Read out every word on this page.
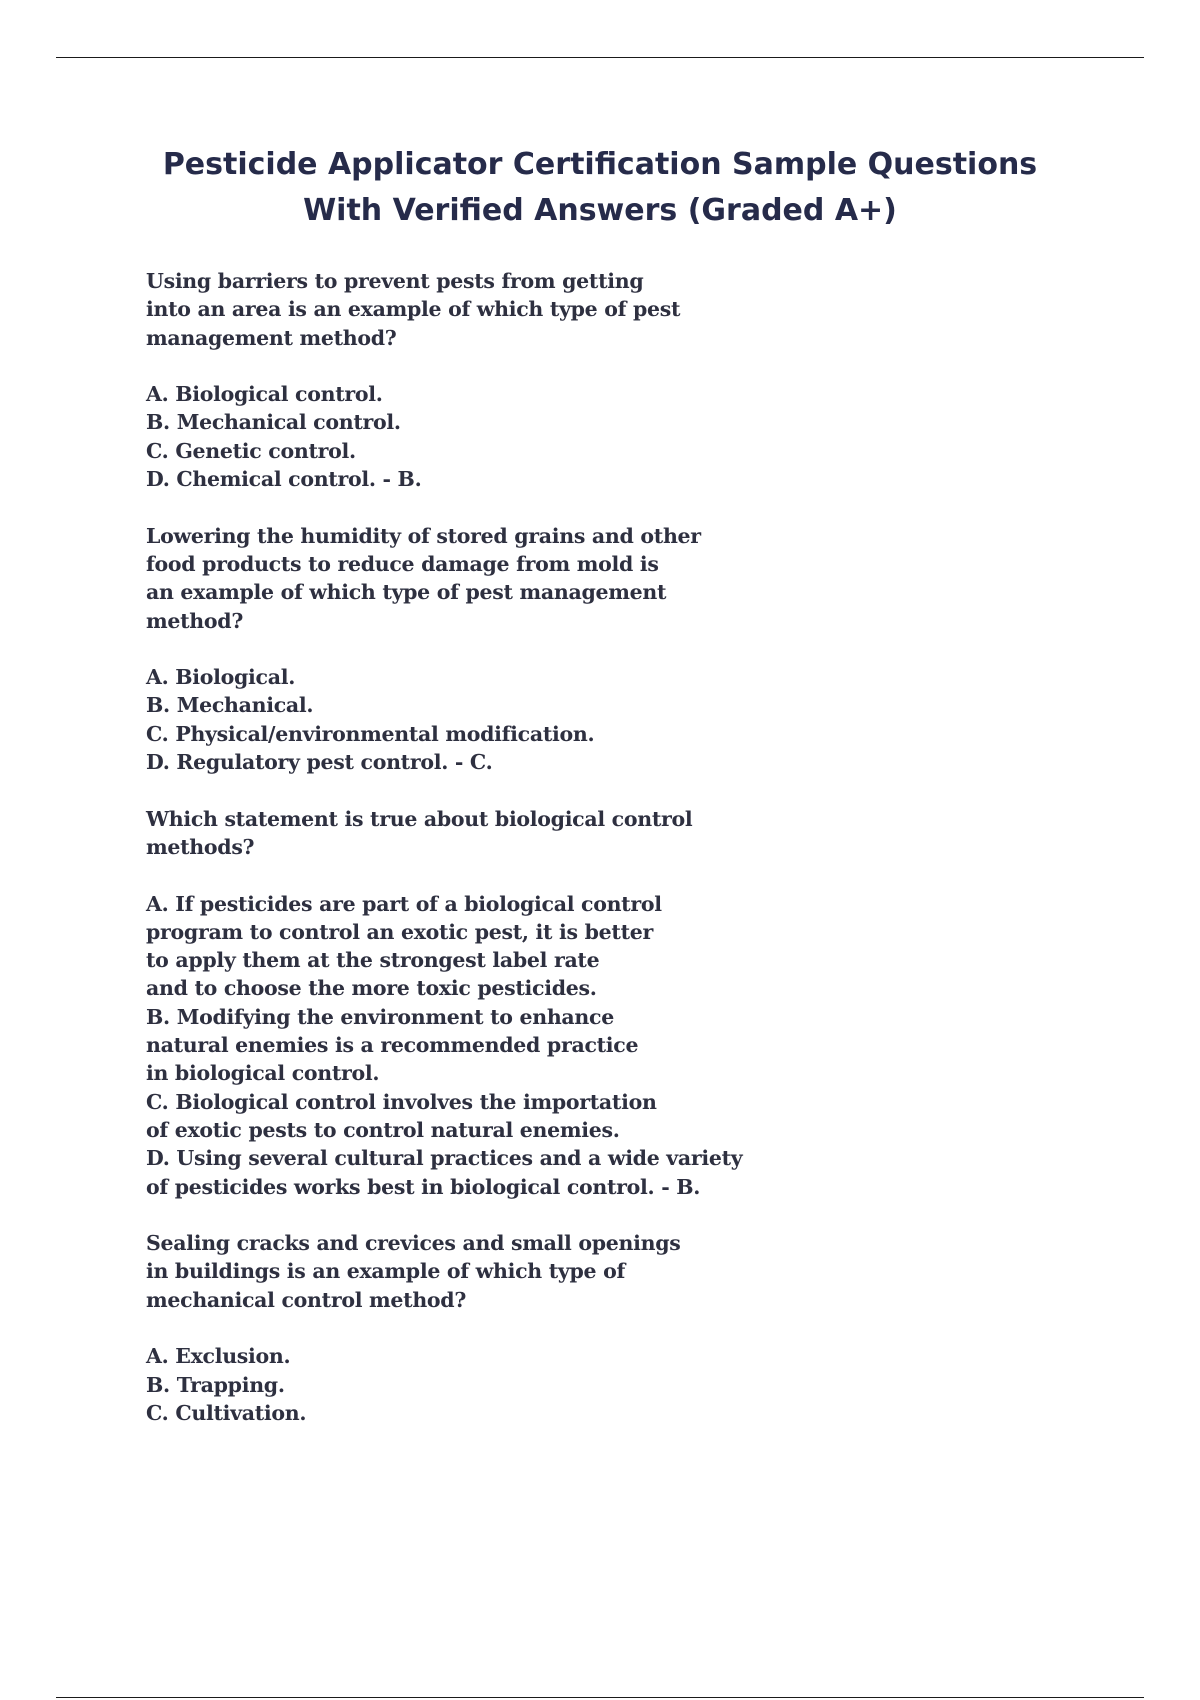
Pesticide Applicator Certification Sample Questions
With Verified Answers (Graded A+)
Using barriers to prevent pests from getting
into an area is an example of which type of pest
management method?
A. Biological control.
B. Mechanical control.
C. Genetic control.
D. Chemical control. - B.
Lowering the humidity of stored grains and other
food products to reduce damage from mold is
an example of which type of pest management
method?
A. Biological.
B. Mechanical.
C. Physical/environmental modification.
D. Regulatory pest control. - C.
Which statement is true about biological control
methods?
A. If pesticides are part of a biological control
program to control an exotic pest, it is better
to apply them at the strongest label rate
and to choose the more toxic pesticides.
B. Modifying the environment to enhance
natural enemies is a recommended practice
in biological control.
C. Biological control involves the importation
of exotic pests to control natural enemies.
D. Using several cultural practices and a wide variety
of pesticides works best in biological control. - B.
Sealing cracks and crevices and small openings
in buildings is an example of which type of
mechanical control method?
A. Exclusion.
B. Trapping.
C. Cultivation.
